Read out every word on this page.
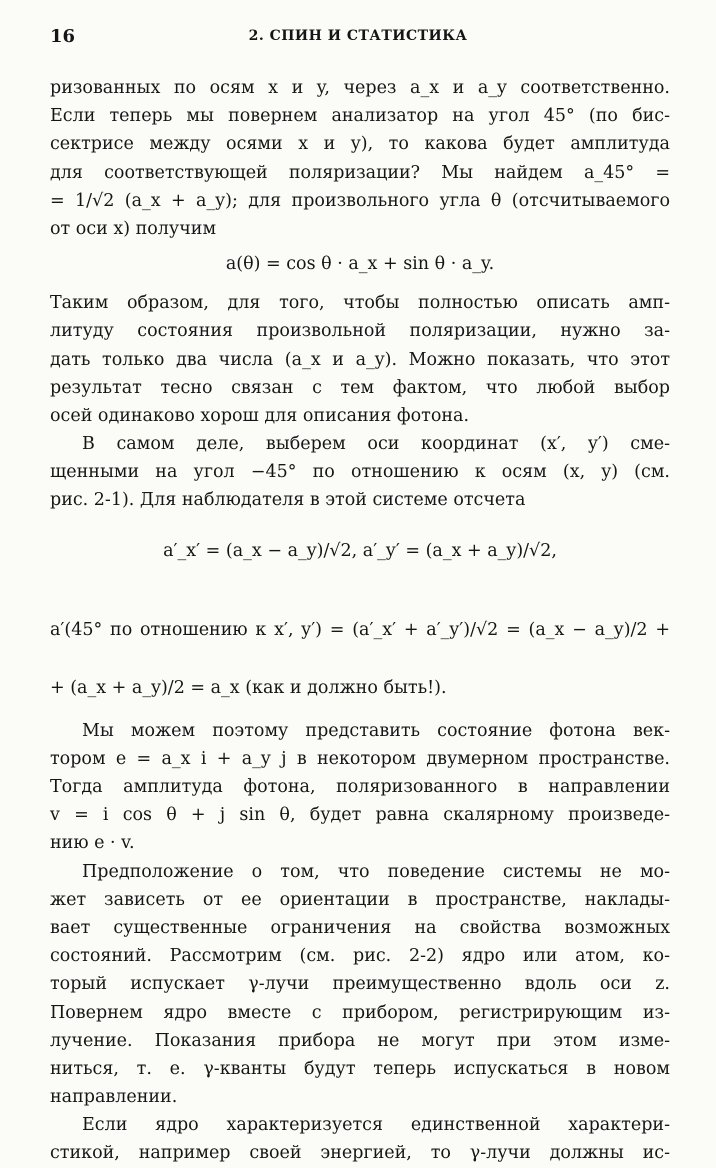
16	2. СПИН И СТАТИСТИКА
ризованных по осям x и y, через a_x и a_y соответственно.
Если теперь мы повернем анализатор на угол 45° (по бис-
сектрисе между осями x и y), то какова будет амплитуда
для соответствующей поляризации? Мы найдем a_45° =
= 1/√2 (a_x + a_y); для произвольного угла θ (отсчитываемого
от оси x) получим
a(θ) = cos θ · a_x + sin θ · a_y.
Таким образом, для того, чтобы полностью описать амп-
литуду состояния произвольной поляризации, нужно за-
дать только два числа (a_x и a_y). Можно показать, что этот
результат тесно связан с тем фактом, что любой выбор
осей одинаково хорош для описания фотона.
В самом деле, выберем оси координат (x′, y′) сме-
щенными на угол −45° по отношению к осям (x, y) (см.
рис. 2-1). Для наблюдателя в этой системе отсчета
a′_x′ = (a_x − a_y)/√2, a′_y′ = (a_x + a_y)/√2,
a′(45° по отношению к x′, y′) = (a′_x′ + a′_y′)/√2 = (a_x − a_y)/2 +
+ (a_x + a_y)/2 = a_x (как и должно быть!).
Мы можем поэтому представить состояние фотона век-
тором e = a_x i + a_y j в некотором двумерном пространстве.
Тогда амплитуда фотона, поляризованного в направлении
v = i cos θ + j sin θ, будет равна скалярному произведе-
нию e · v.
Предположение о том, что поведение системы не мо-
жет зависеть от ее ориентации в пространстве, наклады-
вает существенные ограничения на свойства возможных
состояний. Рассмотрим (см. рис. 2-2) ядро или атом, ко-
торый испускает γ-лучи преимущественно вдоль оси z.
Повернем ядро вместе с прибором, регистрирующим из-
лучение. Показания прибора не могут при этом изме-
ниться, т. е. γ-кванты будут теперь испускаться в новом
направлении.
Если ядро характеризуется единственной характери-
стикой, например своей энергией, то γ-лучи должны ис-
